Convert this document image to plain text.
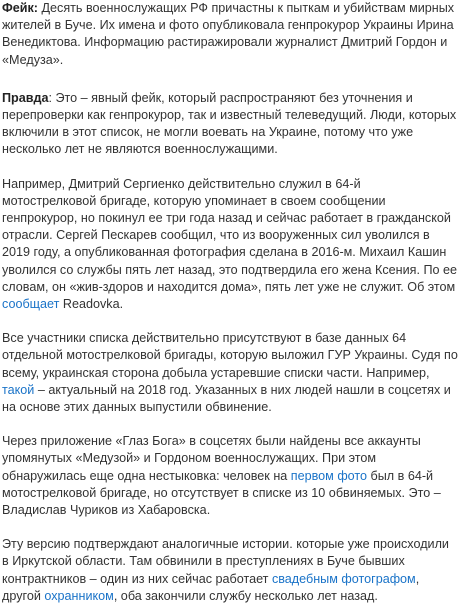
Фейк: Десять военнослужащих РФ причастны к пыткам и убийствам мирных жителей в Буче. Их имена и фото опубликовала генпрокурор Украины Ирина Венедиктова. Информацию растиражировали журналист Дмитрий Гордон и «Медуза».

Правда: Это – явный фейк, который распространяют без уточнения и перепроверки как генпрокурор, так и известный телеведущий. Люди, которых включили в этот список, не могли воевать на Украине, потому что уже несколько лет не являются военнослужащими.

Например, Дмитрий Сергиенко действительно служил в 64-й мотострелковой бригаде, которую упоминает в своем сообщении генпрокурор, но покинул ее три года назад и сейчас работает в гражданской отрасли. Сергей Пескарев сообщил, что из вооруженных сил уволился в 2019 году, а опубликованная фотография сделана в 2016-м. Михаил Кашин уволился со службы пять лет назад, это подтвердила его жена Ксения. По ее словам, он «жив-здоров и находится дома», пять лет уже не служит. Об этом сообщает Readovka.

Все участники списка действительно присутствуют в базе данных 64 отдельной мотострелковой бригады, которую выложил ГУР Украины. Судя по всему, украинская сторона добыла устаревшие списки части. Например, такой – актуальный на 2018 год. Указанных в них людей нашли в соцсетях и на основе этих данных выпустили обвинение.

Через приложение «Глаз Бога» в соцсетях были найдены все аккаунты упомянутых «Медузой» и Гордоном военнослужащих. При этом обнаружилась еще одна нестыковка: человек на первом фото был в 64-й мотострелковой бригаде, но отсутствует в списке из 10 обвиняемых. Это – Владислав Чуриков из Хабаровска.

Эту версию подтверждают аналогичные истории. которые уже происходили в Иркутской области. Там обвинили в преступлениях в Буче бывших контрактников – один из них сейчас работает свадебным фотографом, другой охранником, оба закончили службу несколько лет назад.
